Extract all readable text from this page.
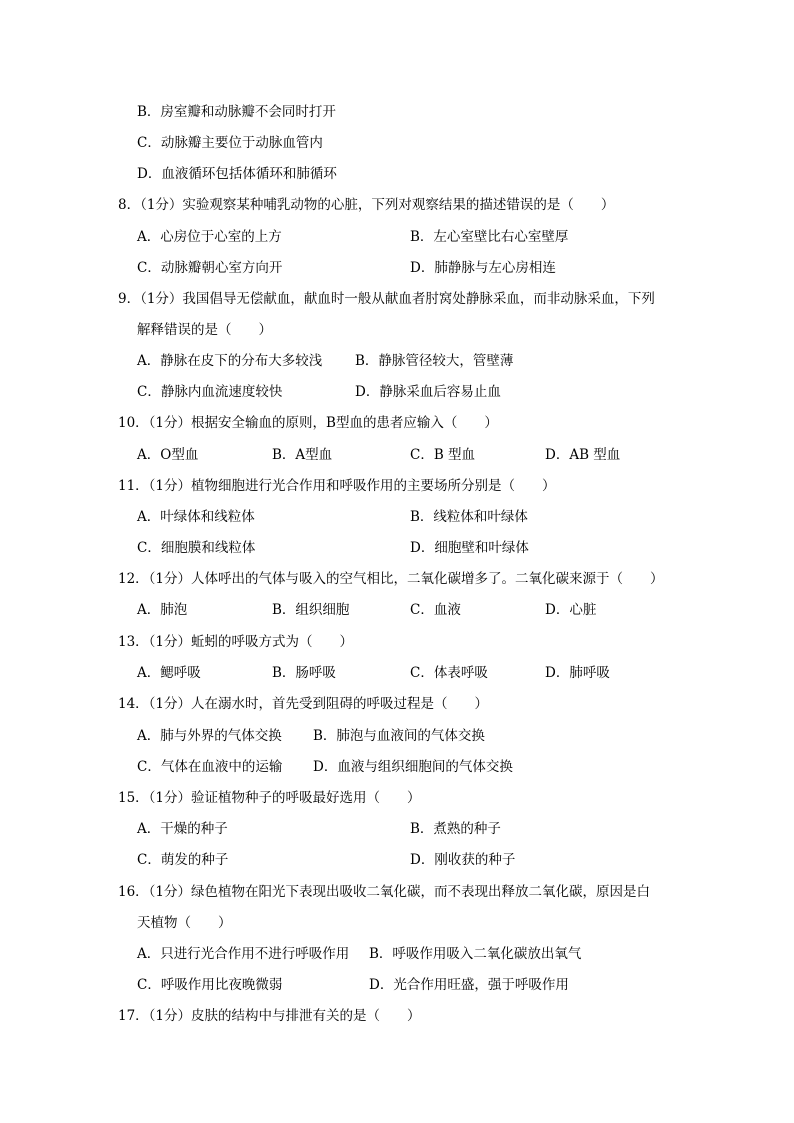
B．房室瓣和动脉瓣不会同时打开
C．动脉瓣主要位于动脉血管内
D．血液循环包括体循环和肺循环
8．（1分）实验观察某种哺乳动物的心脏，下列对观察结果的描述错误的是（　　）
A．心房位于心室的上方	B．左心室壁比右心室壁厚
C．动脉瓣朝心室方向开	D．肺静脉与左心房相连
9．（1分）我国倡导无偿献血，献血时一般从献血者肘窝处静脉采血，而非动脉采血，下列
解释错误的是（　　）
A．静脉在皮下的分布大多较浅 B．静脉管径较大，管壁薄
C．静脉内血流速度较快	D．静脉采血后容易止血
10．（1分）根据安全输血的原则，B型血的患者应输入（　　）
A．O型血	B．A型血	C．B 型血	D．AB 型血
11．（1分）植物细胞进行光合作用和呼吸作用的主要场所分别是（　　）
A．叶绿体和线粒体	B．线粒体和叶绿体
C．细胞膜和线粒体	D．细胞壁和叶绿体
12．（1分）人体呼出的气体与吸入的空气相比，二氧化碳增多了。二氧化碳来源于（　　）
A．肺泡	B．组织细胞	C．血液	D．心脏
13．（1分）蚯蚓的呼吸方式为（　　）
A．鳃呼吸	B．肠呼吸	C．体表呼吸	D．肺呼吸
14．（1分）人在溺水时，首先受到阻碍的呼吸过程是（　　）
A．肺与外界的气体交换 B．肺泡与血液间的气体交换
C．气体在血液中的运输 D．血液与组织细胞间的气体交换
15．（1分）验证植物种子的呼吸最好选用（　　）
A．干燥的种子	B．煮熟的种子
C．萌发的种子	D．刚收获的种子
16．（1分）绿色植物在阳光下表现出吸收二氧化碳，而不表现出释放二氧化碳，原因是白
天植物（　　）
A．只进行光合作用不进行呼吸作用 B．呼吸作用吸入二氧化碳放出氧气
C．呼吸作用比夜晚微弱	D．光合作用旺盛，强于呼吸作用
17．（1分）皮肤的结构中与排泄有关的是（　　）
